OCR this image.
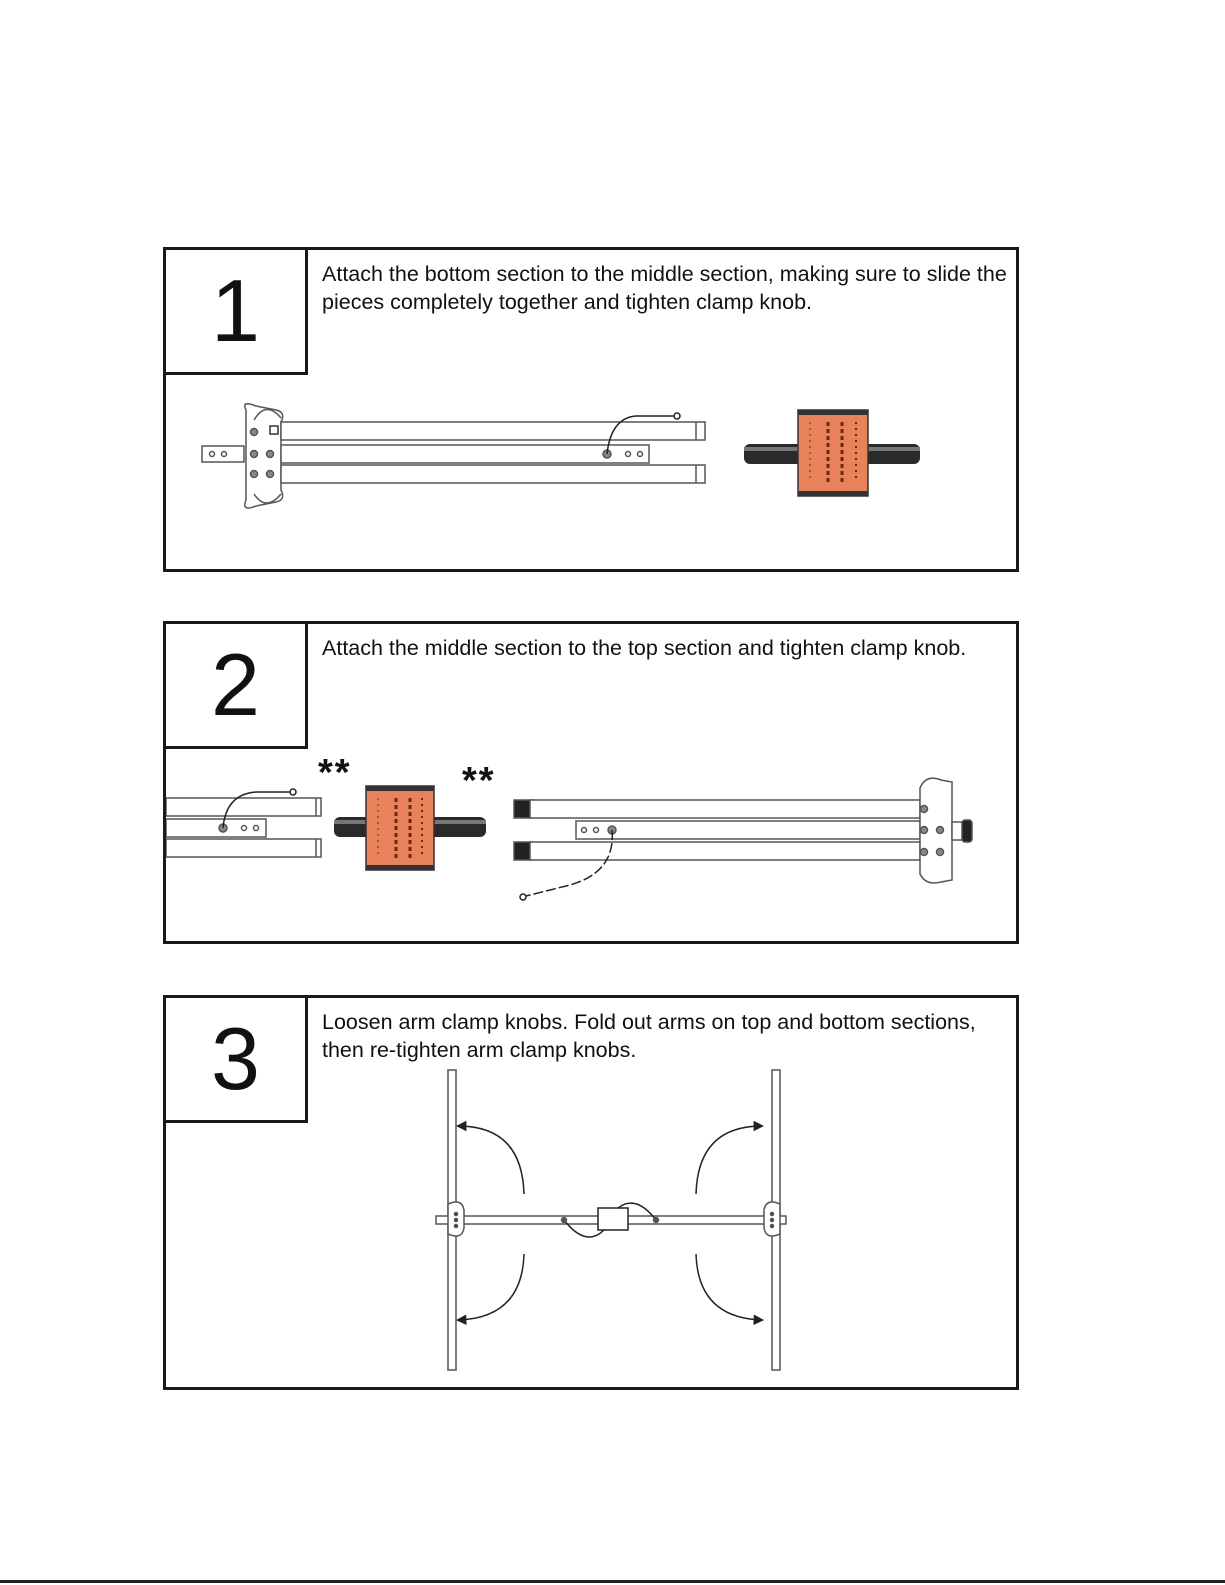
1	Attach the bottom section to the middle section, making sure to slide the pieces completely together and tighten clamp knob.
2	Attach the middle section to the top section and tighten clamp knob.
**	**
3	Loosen arm clamp knobs. Fold out arms on top and bottom sections, then re-tighten arm clamp knobs.
